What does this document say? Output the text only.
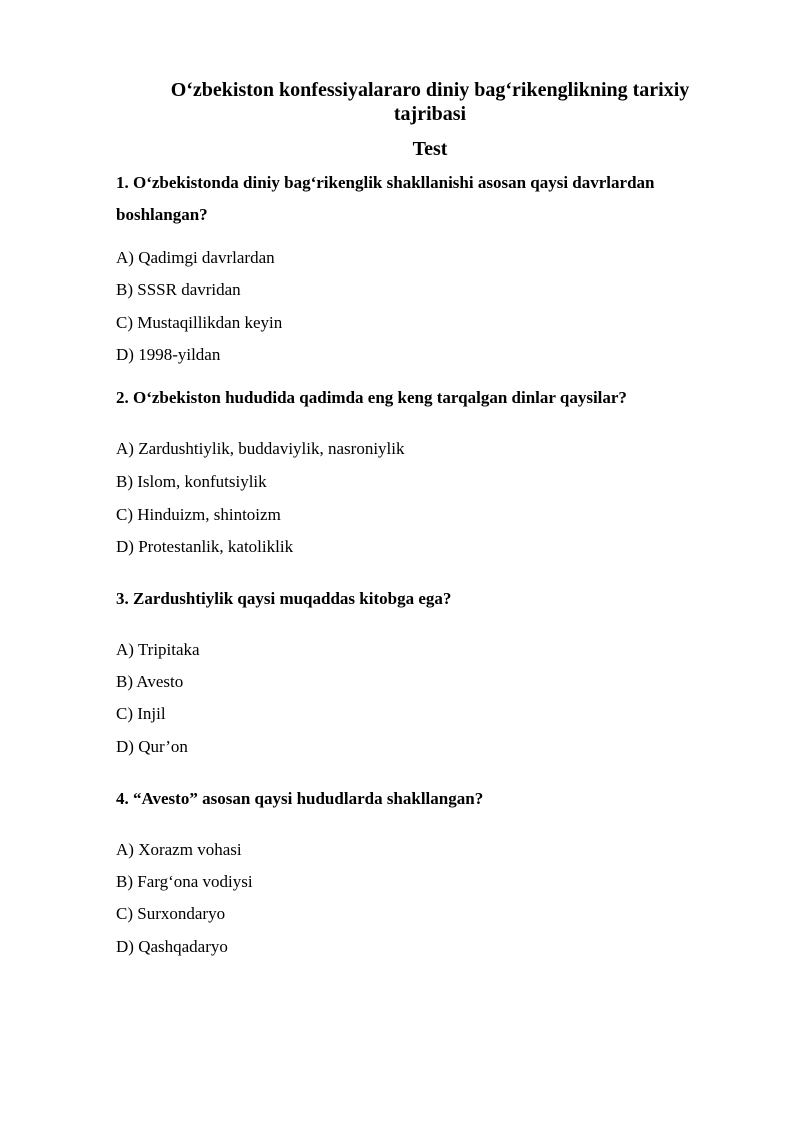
O‘zbekiston konfessiyalararo diniy bag‘rikenglikning tarixiy
tajribasi
Test

1. O‘zbekistonda diniy bag‘rikenglik shakllanishi asosan qaysi davrlardan boshlangan?

A) Qadimgi davrlardan
B) SSSR davridan
C) Mustaqillikdan keyin
D) 1998-yildan

2. O‘zbekiston hududida qadimda eng keng tarqalgan dinlar qaysilar?

A) Zardushtiylik, buddaviylik, nasroniylik
B) Islom, konfutsiylik
C) Hinduizm, shintoizm
D) Protestanlik, katoliklik

3. Zardushtiylik qaysi muqaddas kitobga ega?

A) Tripitaka
B) Avesto
C) Injil
D) Qur’on

4. “Avesto” asosan qaysi hududlarda shakllangan?

A) Xorazm vohasi
B) Farg‘ona vodiysi
C) Surxondaryo
D) Qashqadaryo
